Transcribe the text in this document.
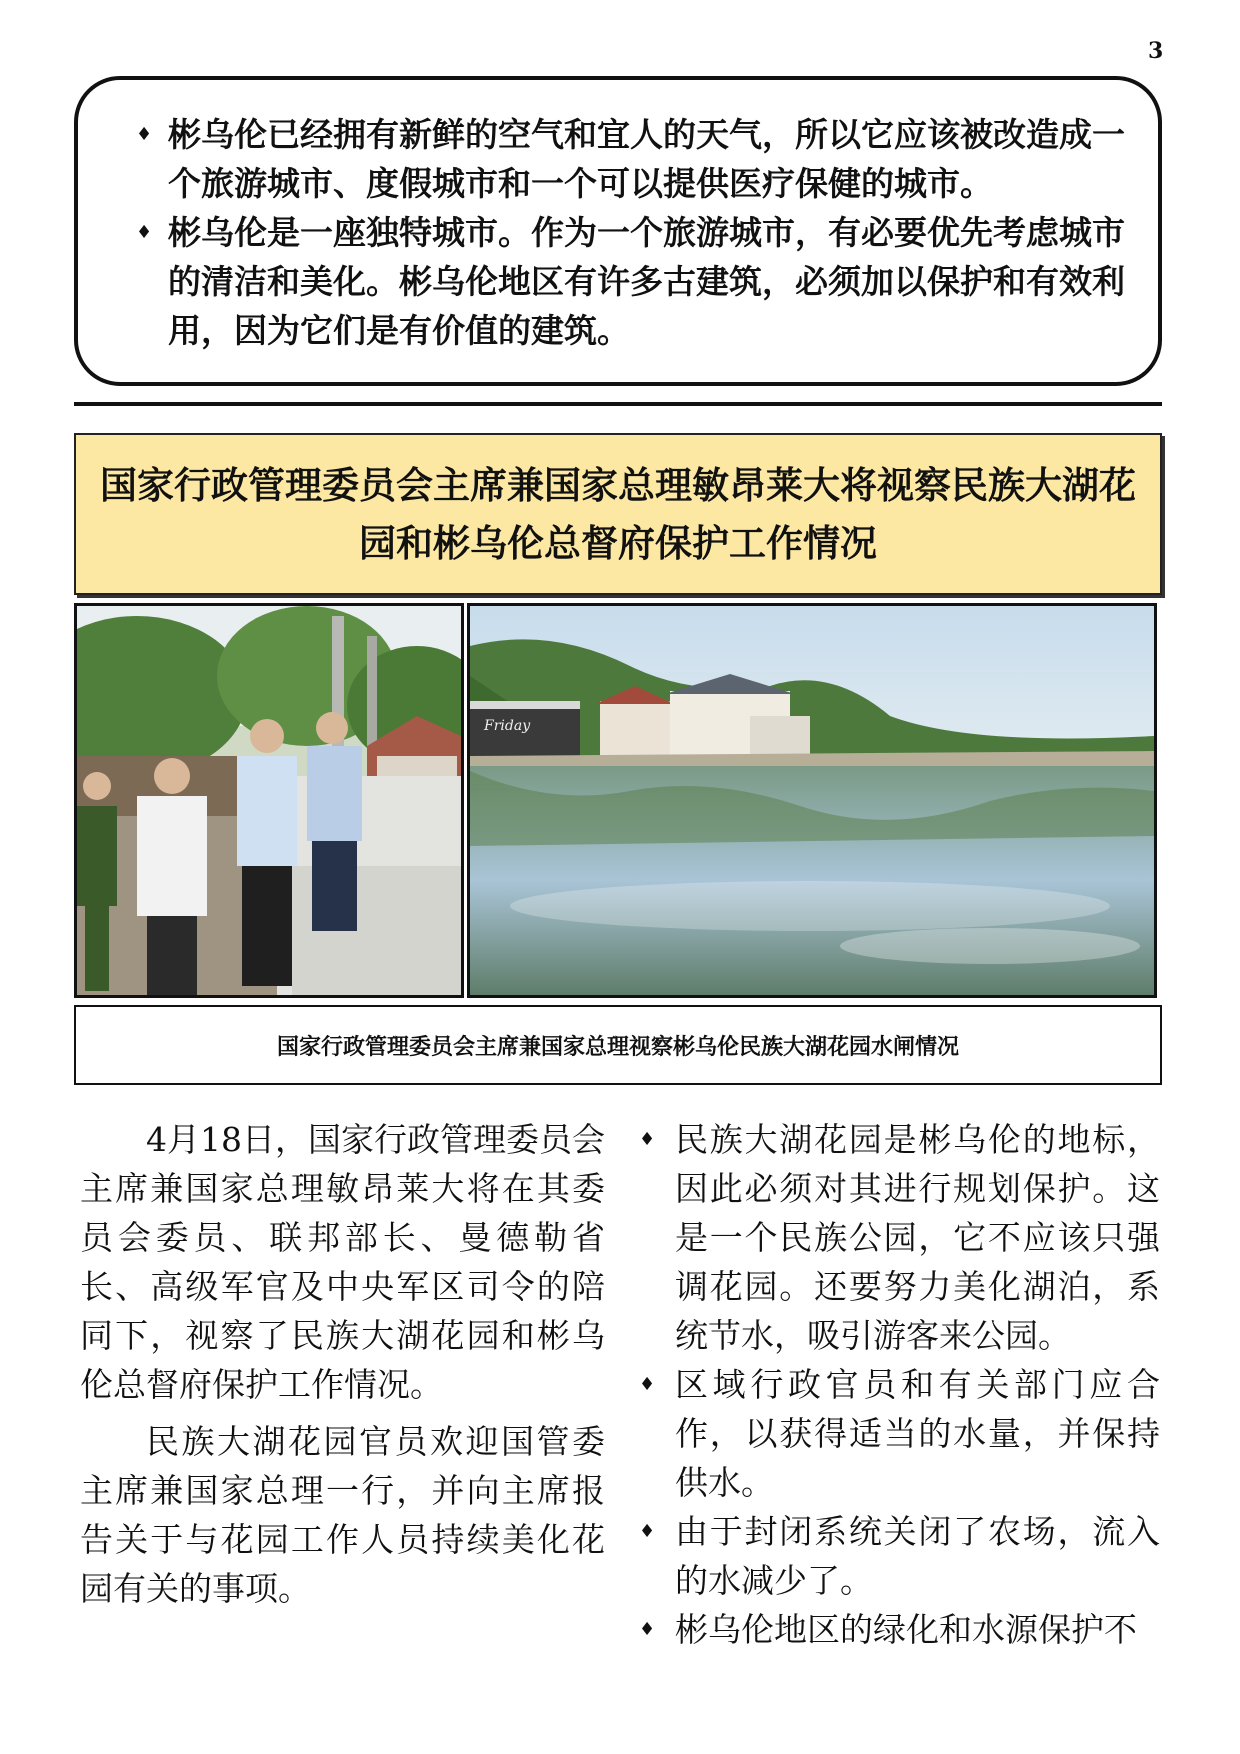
3
♦ 彬乌伦已经拥有新鲜的空气和宜人的天气，所以它应该被改造成一个旅游城市、度假城市和一个可以提供医疗保健的城市。
♦ 彬乌伦是一座独特城市。作为一个旅游城市，有必要优先考虑城市的清洁和美化。彬乌伦地区有许多古建筑，必须加以保护和有效利用，因为它们是有价值的建筑。
国家行政管理委员会主席兼国家总理敏昂莱大将视察民族大湖花园和彬乌伦总督府保护工作情况
Friday
国家行政管理委员会主席兼国家总理视察彬乌伦民族大湖花园水闸情况

4月18日，国家行政管理委员会主席兼国家总理敏昂莱大将在其委员会委员、联邦部长、曼德勒省长、高级军官及中央军区司令的陪同下，视察了民族大湖花园和彬乌伦总督府保护工作情况。

民族大湖花园官员欢迎国管委主席兼国家总理一行，并向主席报告关于与花园工作人员持续美化花园有关的事项。

♦ 民族大湖花园是彬乌伦的地标，因此必须对其进行规划保护。这是一个民族公园，它不应该只强调花园。还要努力美化湖泊，系统节水，吸引游客来公园。
♦ 区域行政官员和有关部门应合作，以获得适当的水量，并保持供水。
♦ 由于封闭系统关闭了农场，流入的水减少了。
♦ 彬乌伦地区的绿化和水源保护不
